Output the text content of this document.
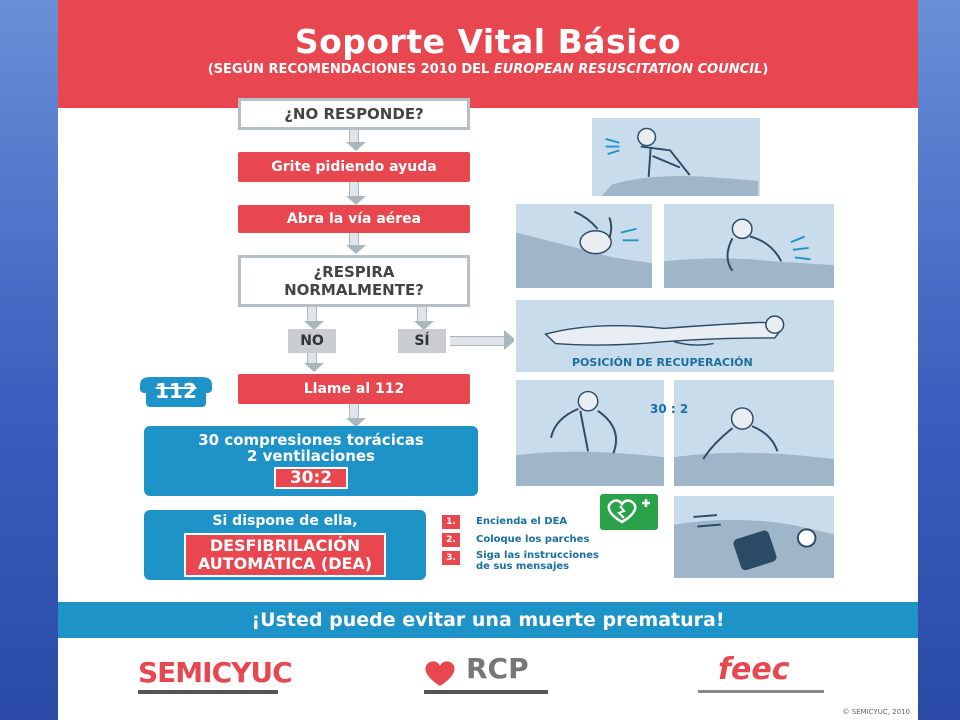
Soporte Vital Básico
(SEGÚN RECOMENDACIONES 2010 DEL EUROPEAN RESUSCITATION COUNCIL)
¿NO RESPONDE?
Grite pidiendo ayuda
Abra la vía aérea
¿RESPIRA
NORMALMENTE?
NO	SÍ
112	Llame al 112
30 compresiones torácicas
2 ventilaciones
30:2
Si dispone de ella,
DESFIBRILACIÓN
AUTOMÁTICA (DEA)
1.	Encienda el DEA
2.	Coloque los parches
3.	Siga las instrucciones
de sus mensajes
POSICIÓN DE RECUPERACIÓN
30 : 2
¡Usted puede evitar una muerte prematura!
SEMICYUC	RCP	feec
© SEMICYUC, 2010
